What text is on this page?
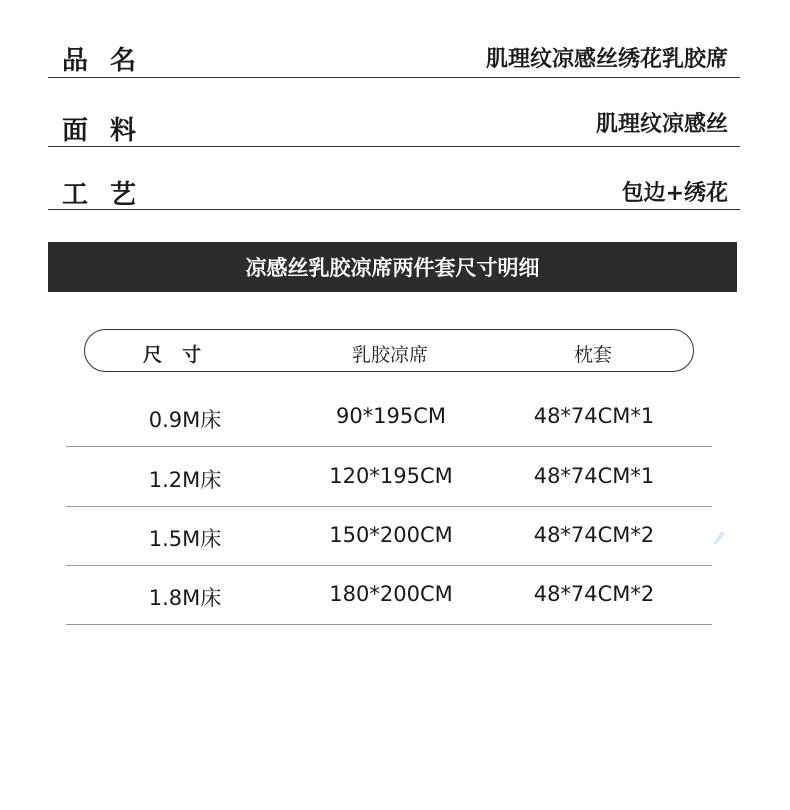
品名	肌理纹凉感丝绣花乳胶席
面料	肌理纹凉感丝
工艺	包边+绣花
凉感丝乳胶凉席两件套尺寸明细
尺寸	乳胶凉席	枕套
0.9M床	90*195CM	48*74CM*1
1.2M床	120*195CM	48*74CM*1
1.5M床	150*200CM	48*74CM*2
1.8M床	180*200CM	48*74CM*2
